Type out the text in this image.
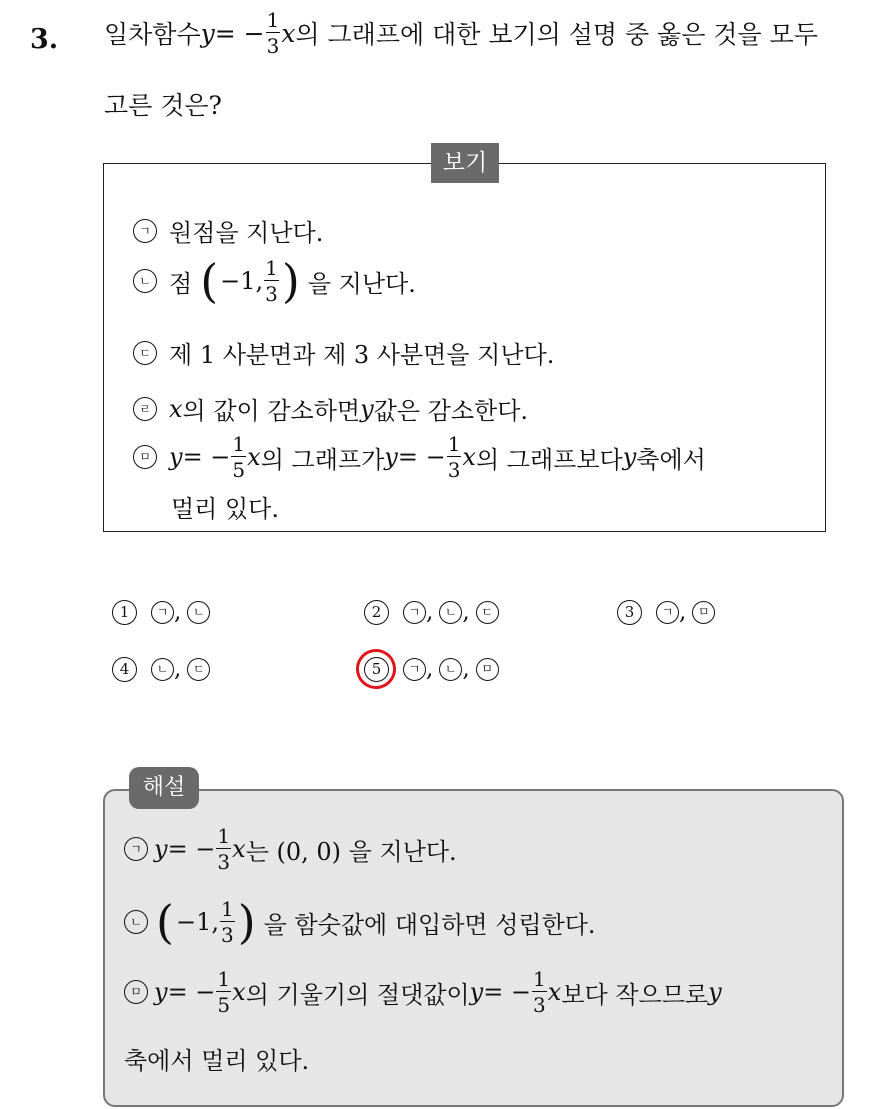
3. 일차함수 y = − $\frac{1}{3}$ x 의 그래프에 대한 보기의 설명 중 옳은 것을 모두
고른 것은?
보기
ㄱ 원점을 지난다.
ㄴ 점 ( −1, $\frac{1}{3}$ ) 을 지난다.
ㄷ 제 1 사분면과 제 3 사분면을 지난다.
ㄹ x 의 값이 감소하면 y 값은 감소한다.
ㅁ y = − $\frac{1}{5}$ x 의 그래프가 y = − $\frac{1}{3}$ x 의 그래프보다 y 축에서
멀리 있다.
1	ㄱ , ㄴ	2	ㄱ , ㄴ , ㄷ	3	ㄱ , ㅁ
4	ㄴ , ㄷ	5	ㄱ , ㄴ , ㅁ
해설
ㄱ y = − $\frac{1}{3}$ x 는 (0, 0) 을 지난다.
ㄴ ( −1, $\frac{1}{3}$ ) 을 함숫값에 대입하면 성립한다.
ㅁ y = − $\frac{1}{5}$ x 의 기울기의 절댓값이 y = − $\frac{1}{3}$ x 보다 작으므로 y
축에서 멀리 있다.
